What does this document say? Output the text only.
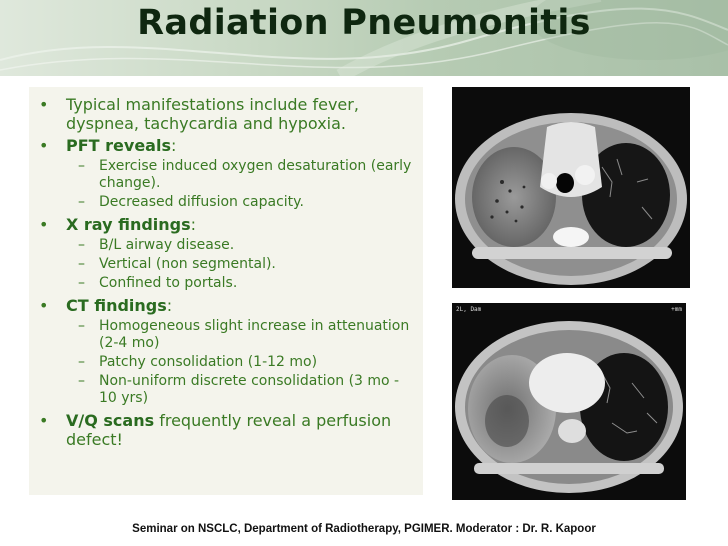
Radiation Pneumonitis
• Typical manifestations include fever, dyspnea, tachycardia and hypoxia.
• PFT reveals:
– Exercise induced oxygen desaturation (early change).
– Decreased diffusion capacity.
• X ray findings:
– B/L airway disease.
– Vertical (non segmental).
– Confined to portals.
• CT findings:
– Homogeneous slight increase in attenuation (2-4 mo)
– Patchy consolidation (1-12 mo)
– Non-uniform discrete consolidation (3 mo - 10 yrs)
• V/Q scans frequently reveal a perfusion defect!
2L, Dam	+mm
Seminar on NSCLC, Department of Radiotherapy, PGIMER. Moderator : Dr. R. Kapoor
